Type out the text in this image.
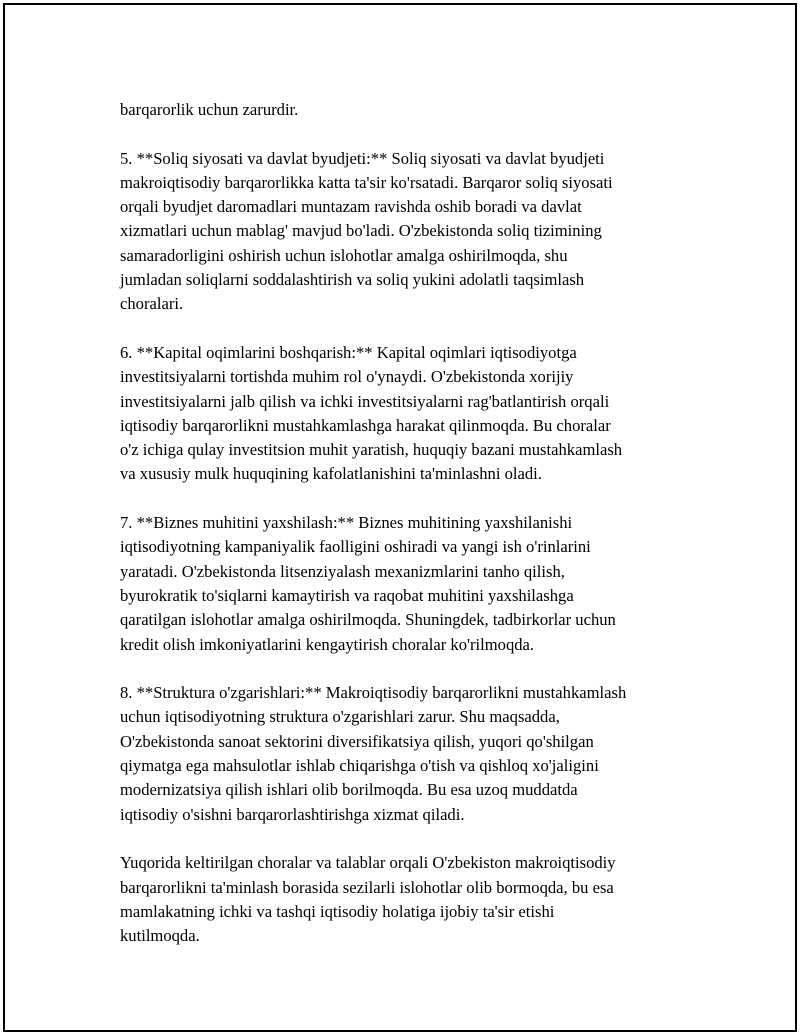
barqarorlik uchun zarurdir.

5. **Soliq siyosati va davlat byudjeti:** Soliq siyosati va davlat byudjeti
makroiqtisodiy barqarorlikka katta ta'sir ko'rsatadi. Barqaror soliq siyosati
orqali byudjet daromadlari muntazam ravishda oshib boradi va davlat
xizmatlari uchun mablag' mavjud bo'ladi. O'zbekistonda soliq tizimining
samaradorligini oshirish uchun islohotlar amalga oshirilmoqda, shu
jumladan soliqlarni soddalashtirish va soliq yukini adolatli taqsimlash
choralari.

6. **Kapital oqimlarini boshqarish:** Kapital oqimlari iqtisodiyotga
investitsiyalarni tortishda muhim rol o'ynaydi. O'zbekistonda xorijiy
investitsiyalarni jalb qilish va ichki investitsiyalarni rag'batlantirish orqali
iqtisodiy barqarorlikni mustahkamlashga harakat qilinmoqda. Bu choralar
o'z ichiga qulay investitsion muhit yaratish, huquqiy bazani mustahkamlash
va xususiy mulk huquqining kafolatlanishini ta'minlashni oladi.

7. **Biznes muhitini yaxshilash:** Biznes muhitining yaxshilanishi
iqtisodiyotning kampaniyalik faolligini oshiradi va yangi ish o'rinlarini
yaratadi. O'zbekistonda litsenziyalash mexanizmlarini tanho qilish,
byurokratik to'siqlarni kamaytirish va raqobat muhitini yaxshilashga
qaratilgan islohotlar amalga oshirilmoqda. Shuningdek, tadbirkorlar uchun
kredit olish imkoniyatlarini kengaytirish choralar ko'rilmoqda.

8. **Struktura o'zgarishlari:** Makroiqtisodiy barqarorlikni mustahkamlash
uchun iqtisodiyotning struktura o'zgarishlari zarur. Shu maqsadda,
O'zbekistonda sanoat sektorini diversifikatsiya qilish, yuqori qo'shilgan
qiymatga ega mahsulotlar ishlab chiqarishga o'tish va qishloq xo'jaligini
modernizatsiya qilish ishlari olib borilmoqda. Bu esa uzoq muddatda
iqtisodiy o'sishni barqarorlashtirishga xizmat qiladi.

Yuqorida keltirilgan choralar va talablar orqali O'zbekiston makroiqtisodiy
barqarorlikni ta'minlash borasida sezilarli islohotlar olib bormoqda, bu esa
mamlakatning ichki va tashqi iqtisodiy holatiga ijobiy ta'sir etishi
kutilmoqda.
